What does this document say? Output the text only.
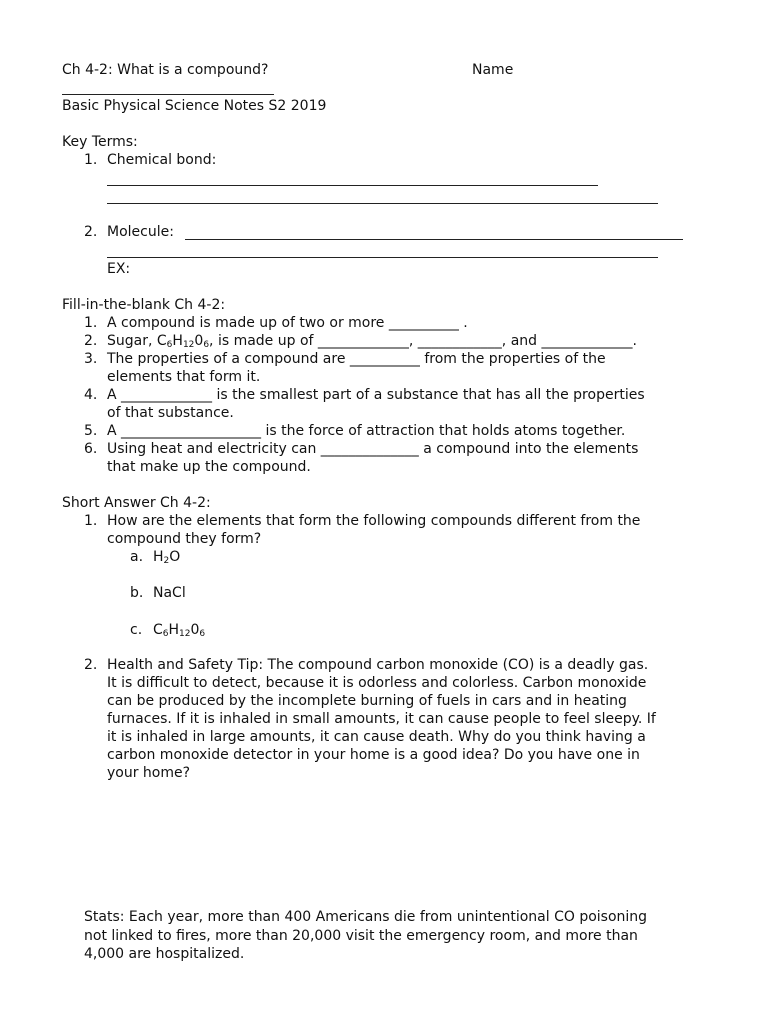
Ch 4-2: What is a compound?	Name
Basic Physical Science Notes S2 2019
Key Terms:
1. Chemical bond:
2. Molecule:
EX:
Fill-in-the-blank Ch 4-2:
1. A compound is made up of two or more __________ .
2. Sugar, $C_6H_{12}0_6$, is made up of _____________, ____________, and _____________.
3. The properties of a compound are __________ from the properties of the
elements that form it.
4. A _____________ is the smallest part of a substance that has all the properties
of that substance.
5. A ____________________ is the force of attraction that holds atoms together.
6. Using heat and electricity can ______________ a compound into the elements
that make up the compound.
Short Answer Ch 4-2:
1. How are the elements that form the following compounds different from the
compound they form?
a. $H_2O$
b. NaCl
c. $C_6H_{12}0_6$
2. Health and Safety Tip: The compound carbon monoxide (CO) is a deadly gas.
It is difficult to detect, because it is odorless and colorless. Carbon monoxide
can be produced by the incomplete burning of fuels in cars and in heating
furnaces. If it is inhaled in small amounts, it can cause people to feel sleepy. If
it is inhaled in large amounts, it can cause death. Why do you think having a
carbon monoxide detector in your home is a good idea? Do you have one in
your home?
Stats: Each year, more than 400 Americans die from unintentional CO poisoning
not linked to fires, more than 20,000 visit the emergency room, and more than
4,000 are hospitalized.
